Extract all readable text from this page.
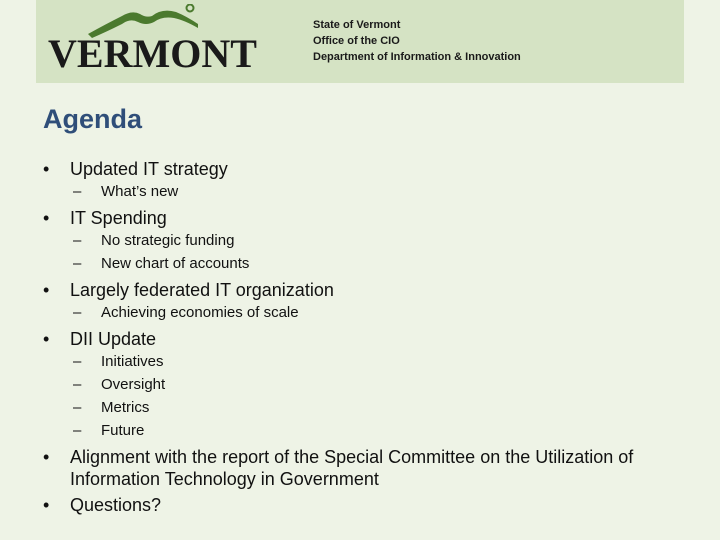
VERMONT
State of Vermont
Office of the CIO
Department of Information & Innovation
Agenda
•	Updated IT strategy
– What’s new
•	IT Spending
– No strategic funding
– New chart of accounts
•	Largely federated IT organization
– Achieving economies of scale
•	DII Update
– Initiatives
– Oversight
– Metrics
– Future
•	Alignment with the report of the Special Committee on the Utilization of Information Technology in Government
•	Questions?
